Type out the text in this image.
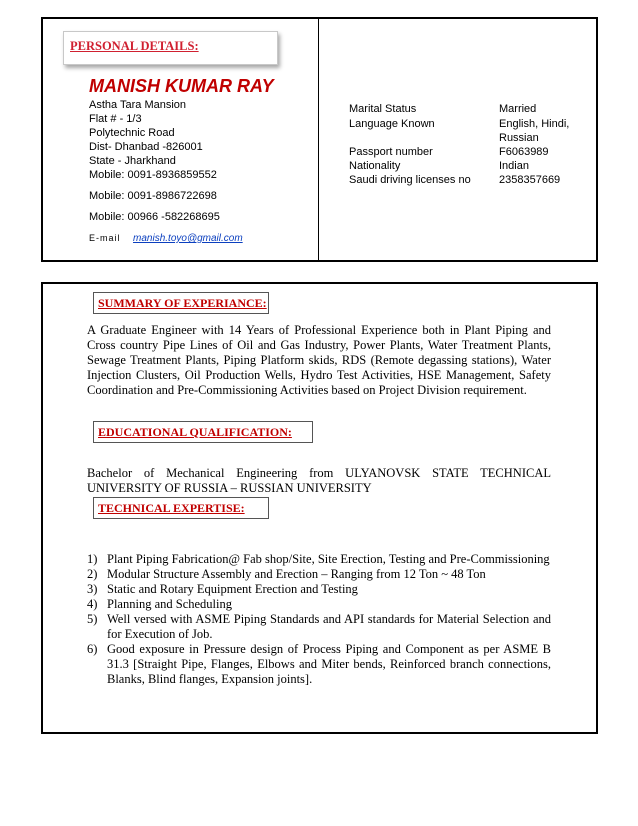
PERSONAL DETAILS:
MANISH KUMAR RAY
Astha Tara Mansion
Flat # - 1/3
Polytechnic Road
Dist- Dhanbad -826001
State - Jharkhand
Mobile: 0091-8936859552
Mobile: 0091-8986722698
Mobile: 00966 -582268695
E-mail manish.toyo@gmail.com
Marital Status	Married
Language Known	English, Hindi,
Russian
Passport number	F6063989
Nationality	Indian
Saudi driving licenses no	2358357669
SUMMARY OF EXPERIANCE:
A Graduate Engineer with 14 Years of Professional Experience both in Plant Piping and Cross country Pipe Lines of Oil and Gas Industry, Power Plants, Water Treatment Plants, Sewage Treatment Plants, Piping Platform skids, RDS (Remote degassing stations), Water Injection Clusters, Oil Production Wells, Hydro Test Activities, HSE Management, Safety Coordination and Pre-Commissioning Activities based on Project Division requirement.
EDUCATIONAL QUALIFICATION:
Bachelor of Mechanical Engineering from ULYANOVSK STATE TECHNICAL
UNIVERSITY OF RUSSIA – RUSSIAN UNIVERSITY
TECHNICAL EXPERTISE:
1) Plant Piping Fabrication@ Fab shop/Site, Site Erection, Testing and Pre-Commissioning
2) Modular Structure Assembly and Erection – Ranging from 12 Ton ~ 48 Ton
3) Static and Rotary Equipment Erection and Testing
4) Planning and Scheduling
5) Well versed with ASME Piping Standards and API standards for Material Selection and for Execution of Job.
6) Good exposure in Pressure design of Process Piping and Component as per ASME B 31.3 [Straight Pipe, Flanges, Elbows and Miter bends, Reinforced branch connections, Blanks, Blind flanges, Expansion joints].
